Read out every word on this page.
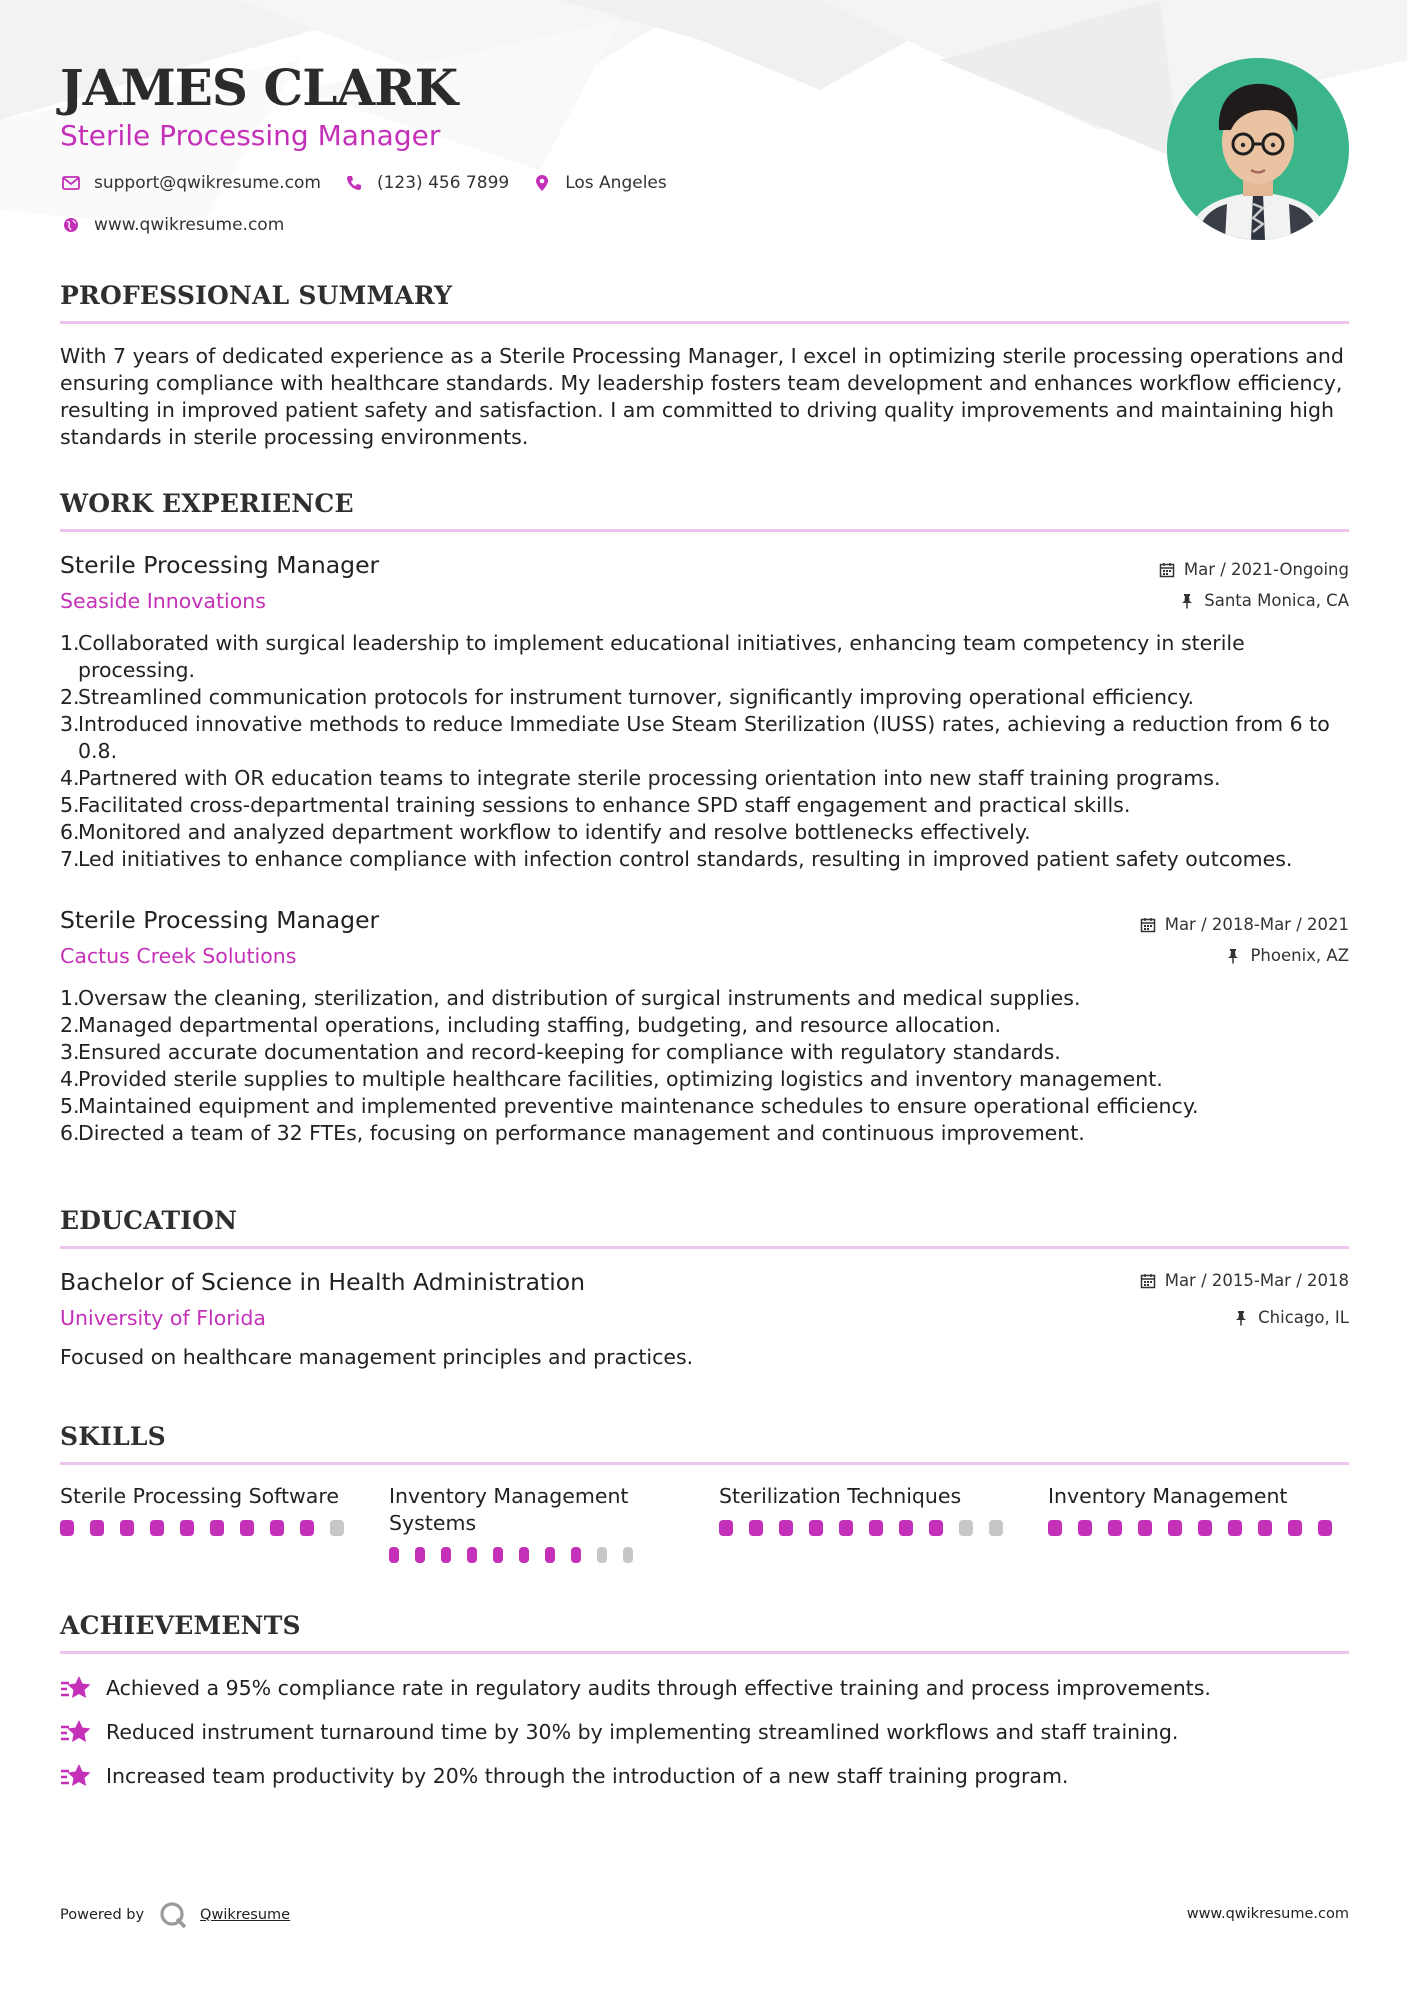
JAMES CLARK
Sterile Processing Manager
support@qwikresume.com	(123) 456 7899	Los Angeles
www.qwikresume.com
PROFESSIONAL SUMMARY
With 7 years of dedicated experience as a Sterile Processing Manager, I excel in optimizing sterile processing operations and ensuring compliance with healthcare standards. My leadership fosters team development and enhances workflow efficiency, resulting in improved patient safety and satisfaction. I am committed to driving quality improvements and maintaining high standards in sterile processing environments.
WORK EXPERIENCE
Sterile Processing Manager
Seaside Innovations
Mar / 2021-Ongoing
Santa Monica, CA
1.
Collaborated with surgical leadership to implement educational initiatives, enhancing team competency in sterile processing.
2.
Streamlined communication protocols for instrument turnover, significantly improving operational efficiency.
3.
Introduced innovative methods to reduce Immediate Use Steam Sterilization (IUSS) rates, achieving a reduction from 6 to 0.8.
4.
Partnered with OR education teams to integrate sterile processing orientation into new staff training programs.
5.
Facilitated cross-departmental training sessions to enhance SPD staff engagement and practical skills.
6.
Monitored and analyzed department workflow to identify and resolve bottlenecks effectively.
7.
Led initiatives to enhance compliance with infection control standards, resulting in improved patient safety outcomes.
Sterile Processing Manager
Cactus Creek Solutions
Mar / 2018-Mar / 2021
Phoenix, AZ
1.
Oversaw the cleaning, sterilization, and distribution of surgical instruments and medical supplies.
2.
Managed departmental operations, including staffing, budgeting, and resource allocation.
3.
Ensured accurate documentation and record-keeping for compliance with regulatory standards.
4.
Provided sterile supplies to multiple healthcare facilities, optimizing logistics and inventory management.
5.
Maintained equipment and implemented preventive maintenance schedules to ensure operational efficiency.
6.
Directed a team of 32 FTEs, focusing on performance management and continuous improvement.
EDUCATION
Bachelor of Science in Health Administration
University of Florida
Mar / 2015-Mar / 2018
Chicago, IL
Focused on healthcare management principles and practices.
SKILLS
Sterile Processing Software	Inventory Management Systems
Sterilization Techniques	Inventory Management
ACHIEVEMENTS
Achieved a 95% compliance rate in regulatory audits through effective training and process improvements.
Reduced instrument turnaround time by 30% by implementing streamlined workflows and staff training.
Increased team productivity by 20% through the introduction of a new staff training program.
Powered by	Qwikresume	www.qwikresume.com
